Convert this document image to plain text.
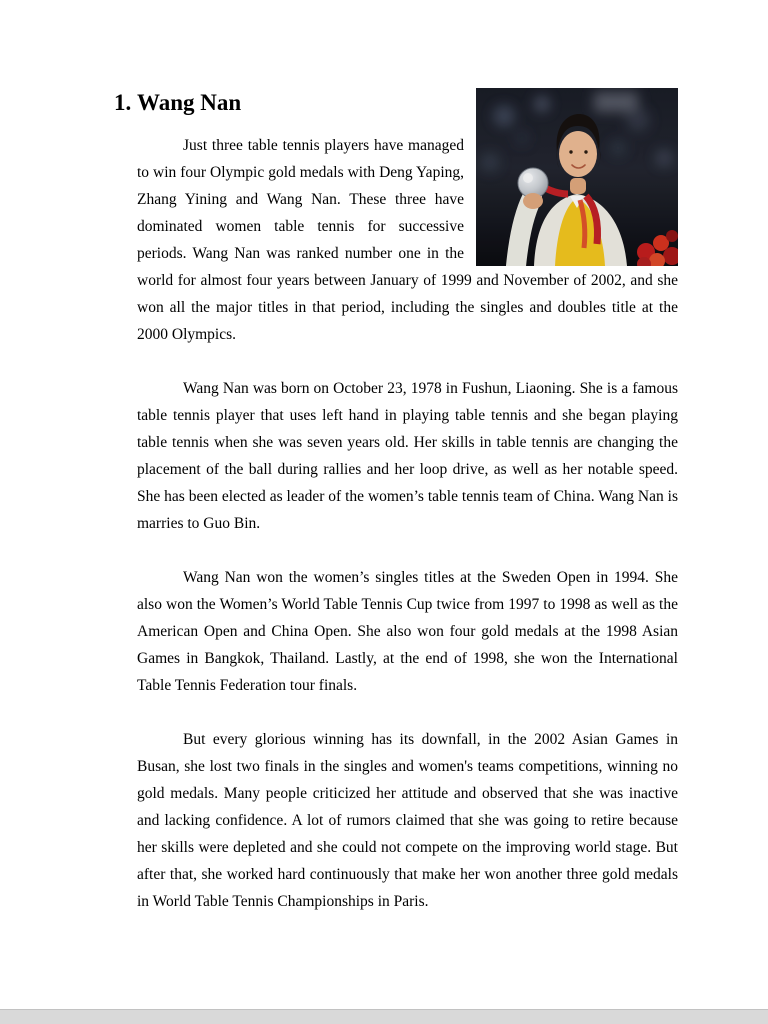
1. Wang Nan

Just three table tennis players have managed to win four Olympic gold medals with Deng Yaping, Zhang Yining and Wang Nan. These three have dominated women table tennis for successive periods. Wang Nan was ranked number one in the world for almost four years between January of 1999 and November of 2002, and she won all the major titles in that period, including the singles and doubles title at the 2000 Olympics.

Wang Nan was born on October 23, 1978 in Fushun, Liaoning. She is a famous table tennis player that uses left hand in playing table tennis and she began playing table tennis when she was seven years old. Her skills in table tennis are changing the placement of the ball during rallies and her loop drive, as well as her notable speed. She has been elected as leader of the women’s table tennis team of China. Wang Nan is marries to Guo Bin.

Wang Nan won the women’s singles titles at the Sweden Open in 1994. She also won the Women’s World Table Tennis Cup twice from 1997 to 1998 as well as the American Open and China Open. She also won four gold medals at the 1998 Asian Games in Bangkok, Thailand. Lastly, at the end of 1998, she won the International Table Tennis Federation tour finals.

But every glorious winning has its downfall, in the 2002 Asian Games in Busan, she lost two finals in the singles and women's teams competitions, winning no gold medals. Many people criticized her attitude and observed that she was inactive and lacking confidence. A lot of rumors claimed that she was going to retire because her skills were depleted and she could not compete on the improving world stage. But after that, she worked hard continuously that make her won another three gold medals in World Table Tennis Championships in Paris.
